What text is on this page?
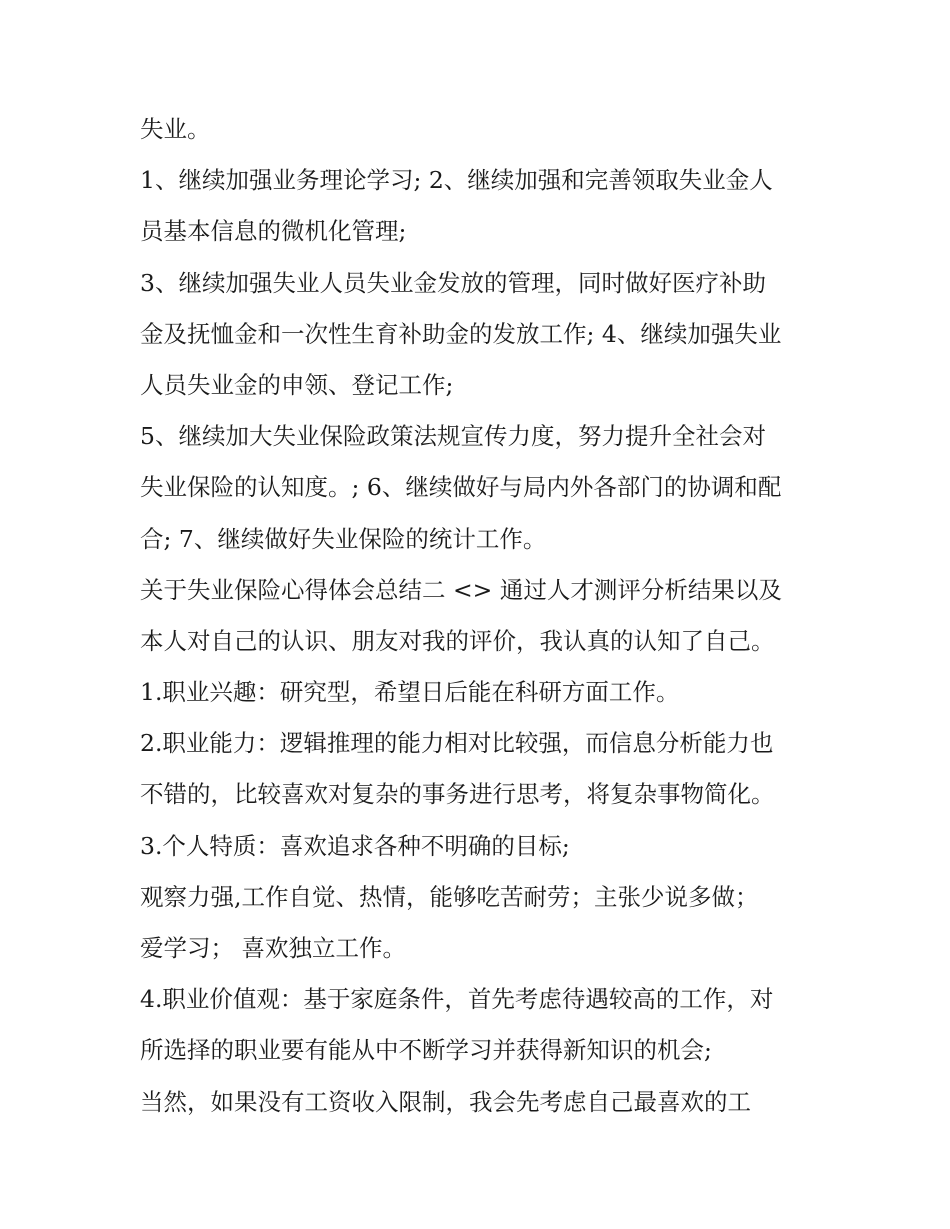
失业。
1、继续加强业务理论学习; 2、继续加强和完善领取失业金人
员基本信息的微机化管理;
3、继续加强失业人员失业金发放的管理，同时做好医疗补助
金及抚恤金和一次性生育补助金的发放工作; 4、继续加强失业
人员失业金的申领、登记工作;
5、继续加大失业保险政策法规宣传力度，努力提升全社会对
失业保险的认知度。; 6、继续做好与局内外各部门的协调和配
合; 7、继续做好失业保险的统计工作。
关于失业保险心得体会总结二 <> 通过人才测评分析结果以及
本人对自己的认识、朋友对我的评价，我认真的认知了自己。
1.职业兴趣：研究型，希望日后能在科研方面工作。
2.职业能力：逻辑推理的能力相对比较强，而信息分析能力也
不错的，比较喜欢对复杂的事务进行思考，将复杂事物简化。
3.个人特质：喜欢追求各种不明确的目标;
观察力强,工作自觉、热情，能够吃苦耐劳；主张少说多做；
爱学习； 喜欢独立工作。
4.职业价值观：基于家庭条件，首先考虑待遇较高的工作，对
所选择的职业要有能从中不断学习并获得新知识的机会;
当然，如果没有工资收入限制，我会先考虑自己最喜欢的工
